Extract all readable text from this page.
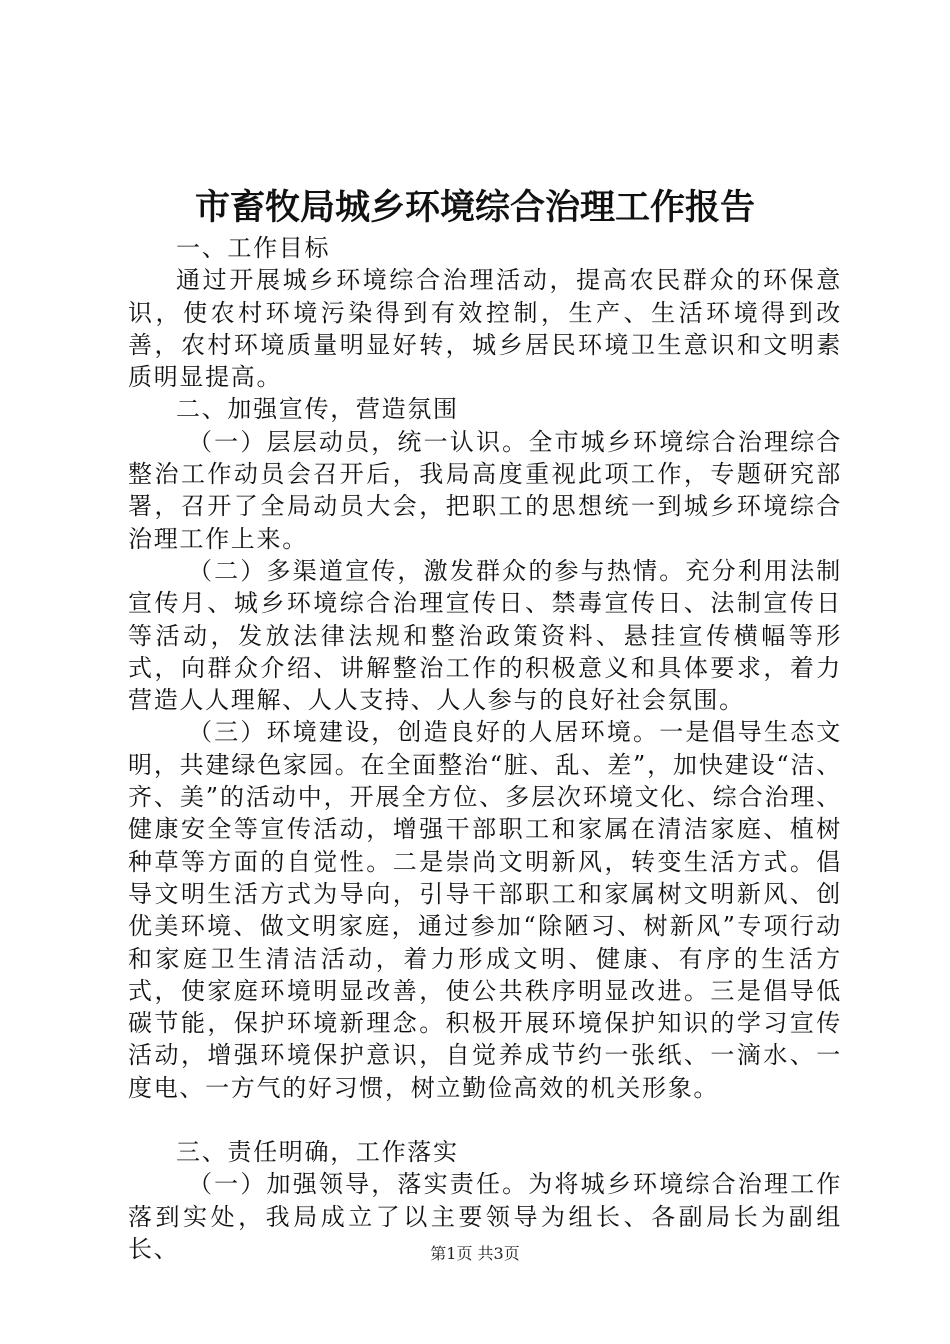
市畜牧局城乡环境综合治理工作报告

一、工作目标

通过开展城乡环境综合治理活动，提高农民群众的环保意识，使农村环境污染得到有效控制，生产、生活环境得到改善，农村环境质量明显好转，城乡居民环境卫生意识和文明素质明显提高。

二、加强宣传，营造氛围

（一）层层动员，统一认识。全市城乡环境综合治理综合整治工作动员会召开后，我局高度重视此项工作，专题研究部署，召开了全局动员大会，把职工的思想统一到城乡环境综合治理工作上来。

（二）多渠道宣传，激发群众的参与热情。充分利用法制宣传月、城乡环境综合治理宣传日、禁毒宣传日、法制宣传日等活动，发放法律法规和整治政策资料、悬挂宣传横幅等形式，向群众介绍、讲解整治工作的积极意义和具体要求，着力营造人人理解、人人支持、人人参与的良好社会氛围。

（三）环境建设，创造良好的人居环境。一是倡导生态文明，共建绿色家园。在全面整治“脏、乱、差”，加快建设“洁、齐、美”的活动中，开展全方位、多层次环境文化、综合治理、健康安全等宣传活动，增强干部职工和家属在清洁家庭、植树种草等方面的自觉性。二是崇尚文明新风，转变生活方式。倡导文明生活方式为导向，引导干部职工和家属树文明新风、创优美环境、做文明家庭，通过参加“除陋习、树新风”专项行动和家庭卫生清洁活动，着力形成文明、健康、有序的生活方式，使家庭环境明显改善，使公共秩序明显改进。三是倡导低碳节能，保护环境新理念。积极开展环境保护知识的学习宣传活动，增强环境保护意识，自觉养成节约一张纸、一滴水、一度电、一方气的好习惯，树立勤俭高效的机关形象。

三、责任明确，工作落实

（一）加强领导，落实责任。为将城乡环境综合治理工作落到实处，我局成立了以主要领导为组长、各副局长为副组长、	第1页 共3页
